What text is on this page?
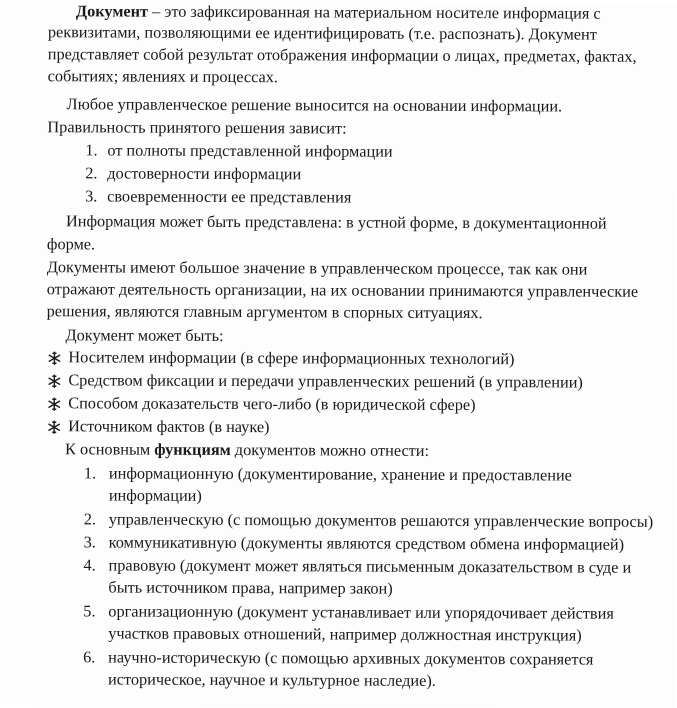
Документ – это зафиксированная на материальном носителе информация с
реквизитами, позволяющими ее идентифицировать (т.е. распознать). Документ
представляет собой результат отображения информации о лицах, предметах, фактах,
событиях; явлениях и процессах.
Любое управленческое решение выносится на основании информации.
Правильность принятого решения зависит:
1. от полноты представленной информации
2. достоверности информации
3. своевременности ее представления
Информация может быть представлена: в устной форме, в документационной
форме.
Документы имеют большое значение в управленческом процессе, так как они
отражают деятельность организации, на их основании принимаются управленческие
решения, являются главным аргументом в спорных ситуациях.
Документ может быть:
Носителем информации (в сфере информационных технологий)
Средством фиксации и передачи управленческих решений (в управлении)
Способом доказательств чего-либо (в юридической сфере)
Источником фактов (в науке)
К основным функциям документов можно отнести:
1. информационную (документирование, хранение и предоставление
информации)
2. управленческую (с помощью документов решаются управленческие вопросы)
3. коммуникативную (документы являются средством обмена информацией)
4. правовую (документ может являться письменным доказательством в суде и
быть источником права, например закон)
5. организационную (документ устанавливает или упорядочивает действия
участков правовых отношений, например должностная инструкция)
6. научно-историческую (с помощью архивных документов сохраняется
историческое, научное и культурное наследие).
